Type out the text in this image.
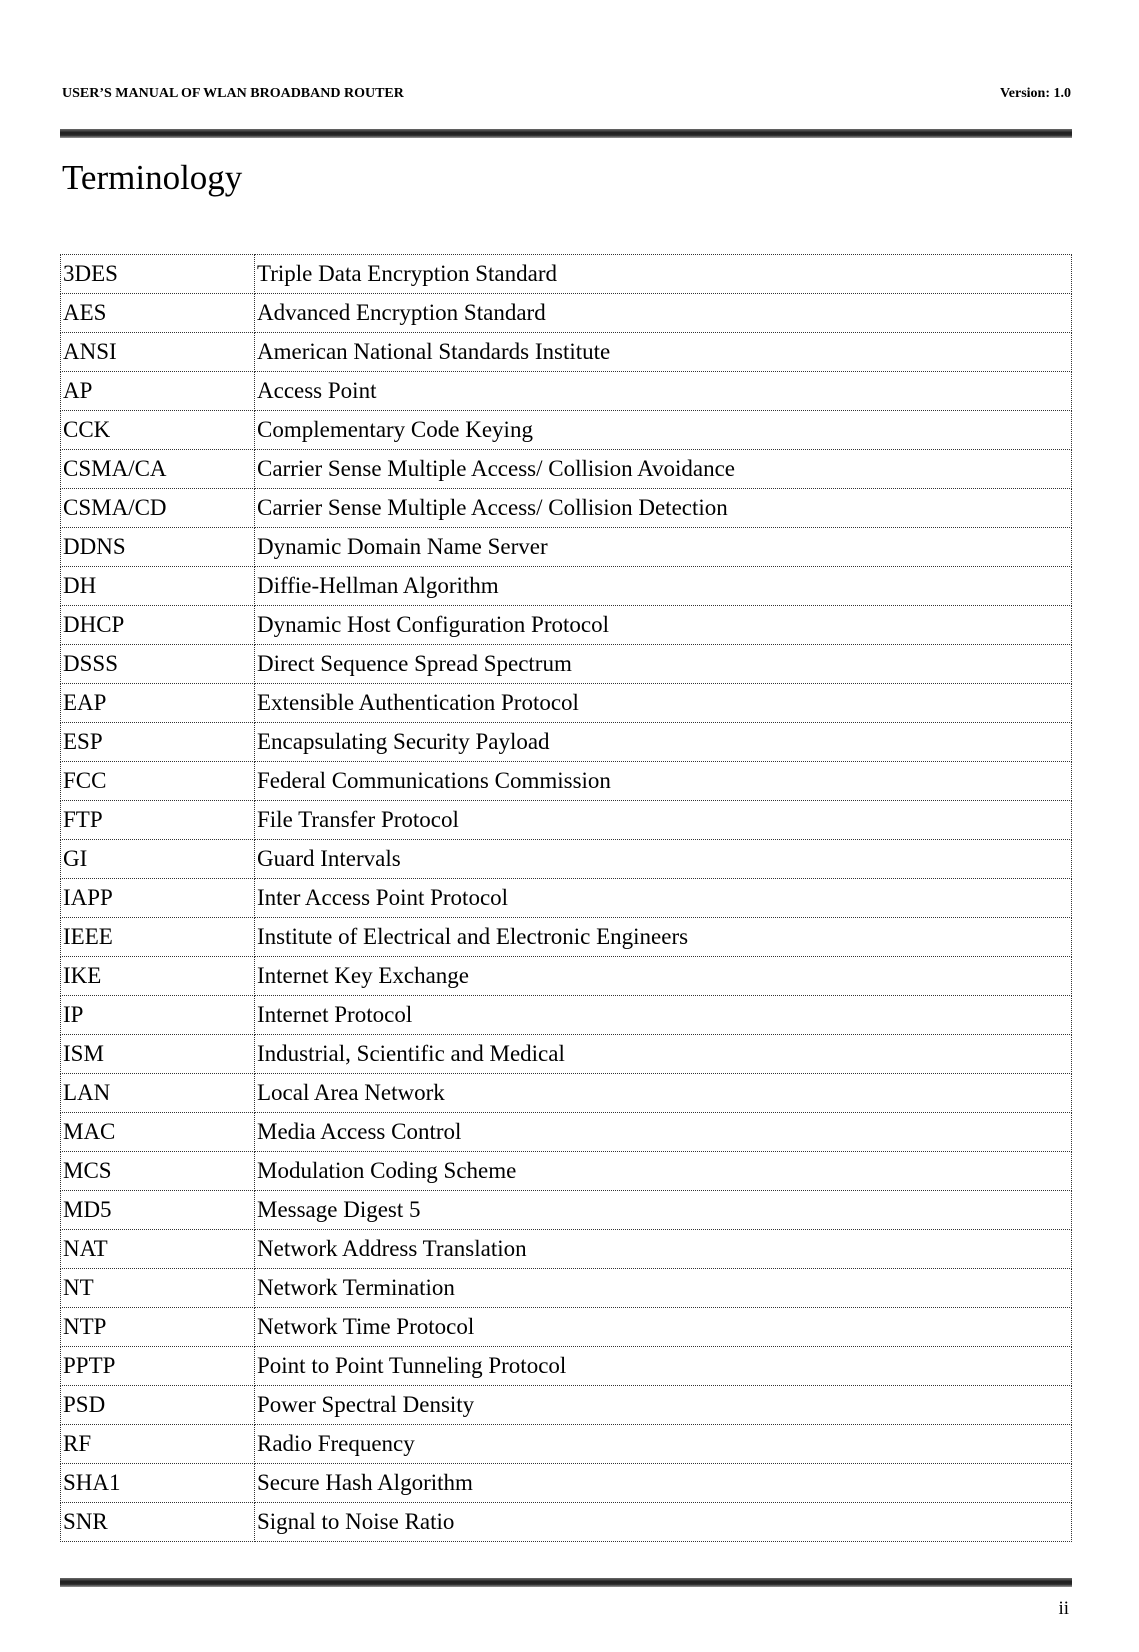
USER’S MANUAL OF WLAN BROADBAND ROUTER	Version: 1.0
Terminology
3DES	Triple Data Encryption Standard
AES	Advanced Encryption Standard
ANSI	American National Standards Institute
AP	Access Point
CCK	Complementary Code Keying
CSMA/CA	Carrier Sense Multiple Access/ Collision Avoidance
CSMA/CD	Carrier Sense Multiple Access/ Collision Detection
DDNS	Dynamic Domain Name Server
DH	Diffie-Hellman Algorithm
DHCP	Dynamic Host Configuration Protocol
DSSS	Direct Sequence Spread Spectrum
EAP	Extensible Authentication Protocol
ESP	Encapsulating Security Payload
FCC	Federal Communications Commission
FTP	File Transfer Protocol
GI	Guard Intervals
IAPP	Inter Access Point Protocol
IEEE	Institute of Electrical and Electronic Engineers
IKE	Internet Key Exchange
IP	Internet Protocol
ISM	Industrial, Scientific and Medical
LAN	Local Area Network
MAC	Media Access Control
MCS	Modulation Coding Scheme
MD5	Message Digest 5
NAT	Network Address Translation
NT	Network Termination
NTP	Network Time Protocol
PPTP	Point to Point Tunneling Protocol
PSD	Power Spectral Density
RF	Radio Frequency
SHA1	Secure Hash Algorithm
SNR	Signal to Noise Ratio
ii
